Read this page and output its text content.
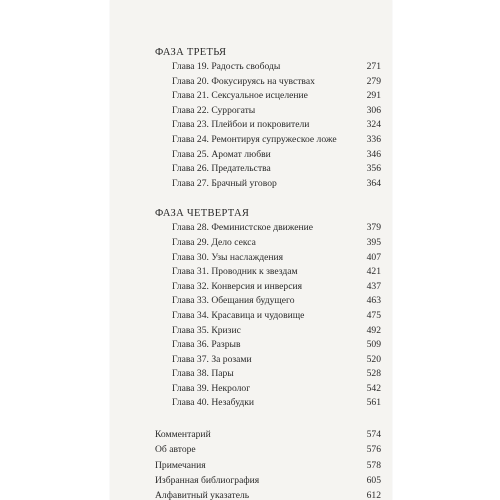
ФАЗА ТРЕТЬЯ
Глава 19. Радость свободы	271
Глава 20. Фокусируясь на чувствах	279
Глава 21. Сексуальное исцеление	291
Глава 22. Суррогаты	306
Глава 23. Плейбои и покровители	324
Глава 24. Ремонтируя супружеское ложе	336
Глава 25. Аромат любви	346
Глава 26. Предательства	356
Глава 27. Брачный уговор	364
ФАЗА ЧЕТВЕРТАЯ
Глава 28. Феминистское движение	379
Глава 29. Дело секса	395
Глава 30. Узы наслаждения	407
Глава 31. Проводник к звездам	421
Глава 32. Конверсия и инверсия	437
Глава 33. Обещания будущего	463
Глава 34. Красавица и чудовище	475
Глава 35. Кризис	492
Глава 36. Разрыв	509
Глава 37. За розами	520
Глава 38. Пары	528
Глава 39. Некролог	542
Глава 40. Незабудки	561
Комментарий	574
Об авторе	576
Примечания	578
Избранная библиография	605
Алфавитный указатель	612
